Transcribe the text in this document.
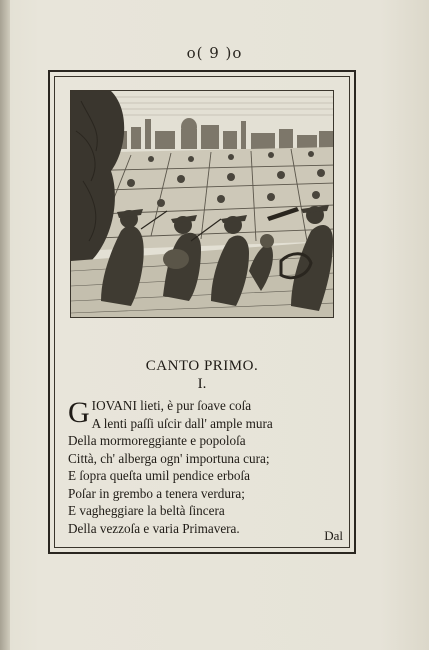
o( 9 )o
CANTO PRIMO.
I.
GIOVANI lieti, è pur ſoave coſa
A lenti paſſi uſcir dall' ample mura
Della mormoreggiante e popoloſa
Città, ch' alberga ogn' importuna cura;
E ſopra queſta umil pendice erboſa
Poſar in grembo a tenera verdura;
E vagheggiare la beltà ſincera
Della vezzoſa e varia Primavera.	Dal
